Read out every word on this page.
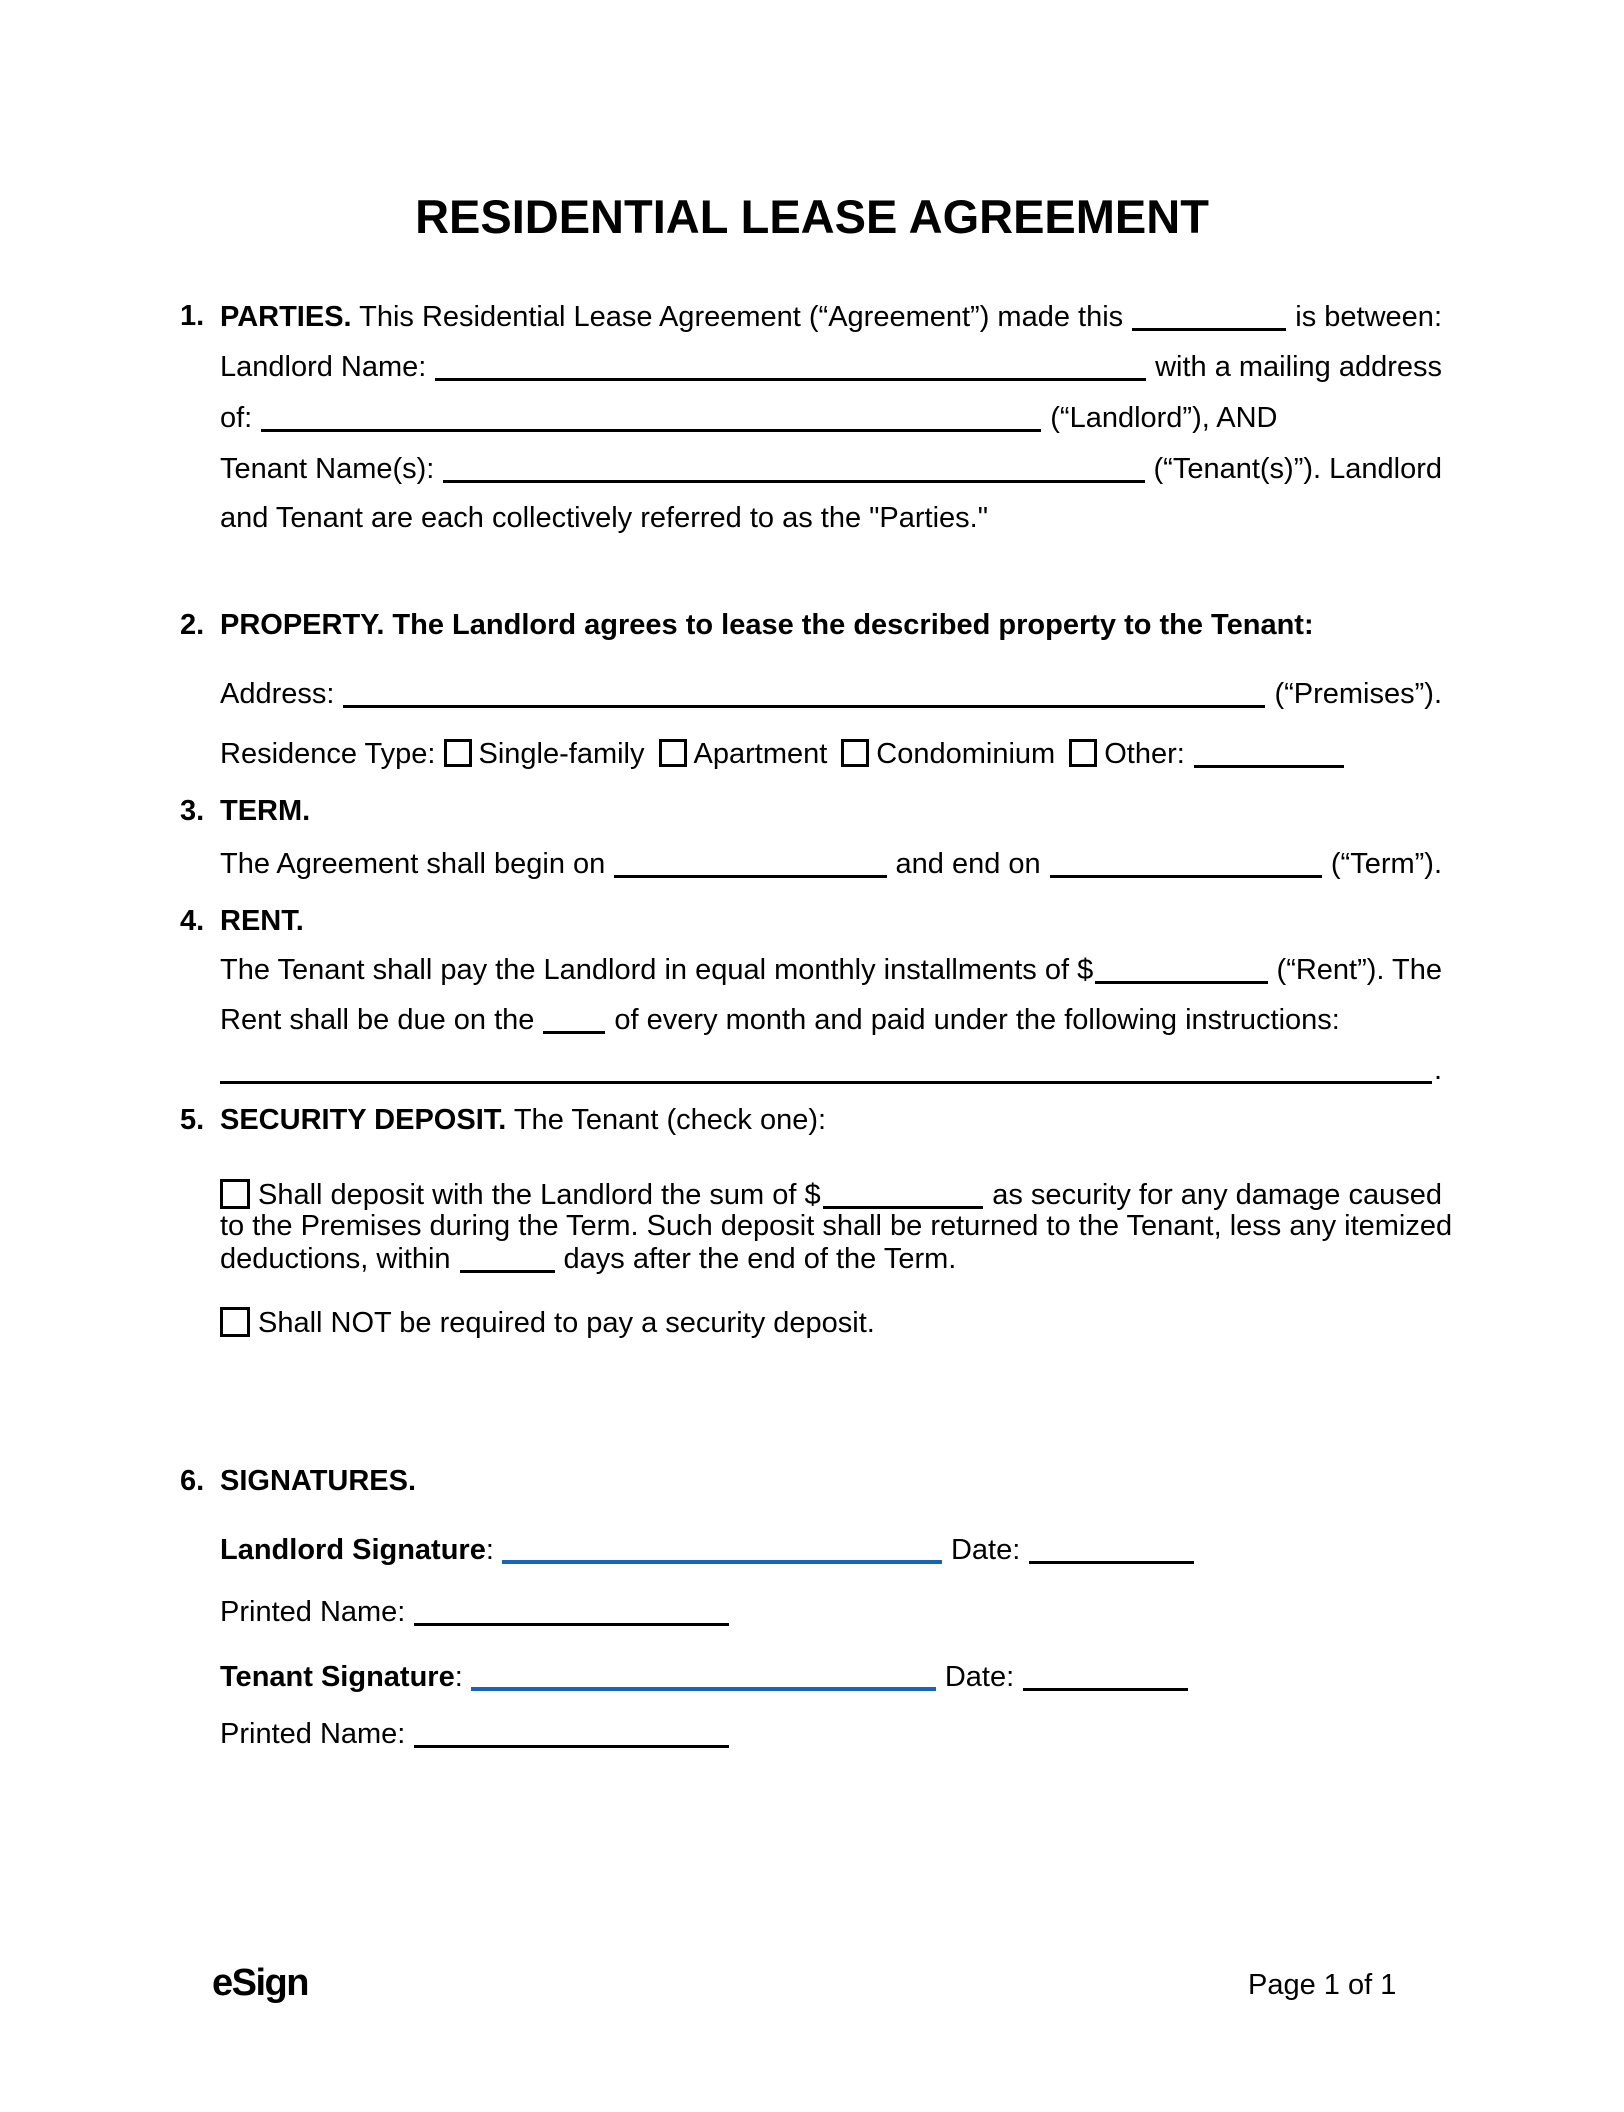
RESIDENTIAL LEASE AGREEMENT
1. PARTIES. This Residential Lease Agreement (“Agreement”) made this	is between:
Landlord Name:	with a mailing address
of:	(“Landlord”), AND
Tenant Name(s):	(“Tenant(s)”). Landlord
and Tenant are each collectively referred to as the "Parties."
2. PROPERTY. The Landlord agrees to lease the described property to the Tenant:
Address:	(“Premises”).
Residence Type: Single-family Apartment Condominium Other:
3. TERM.
The Agreement shall begin on	and end on	(“Term”).
4. RENT.
The Tenant shall pay the Landlord in equal monthly installments of $	(“Rent”). The
Rent shall be due on the	of every month and paid under the following instructions:
.
5. SECURITY DEPOSIT. The Tenant (check one):
Shall deposit with the Landlord the sum of $	as security for any damage caused
to the Premises during the Term. Such deposit shall be returned to the Tenant, less any itemized
deductions, within	days after the end of the Term.
Shall NOT be required to pay a security deposit.
6. SIGNATURES.
Landlord Signature :	Date:
Printed Name:
Tenant Signature :	Date:
Printed Name:
eSign	Page 1 of 1
